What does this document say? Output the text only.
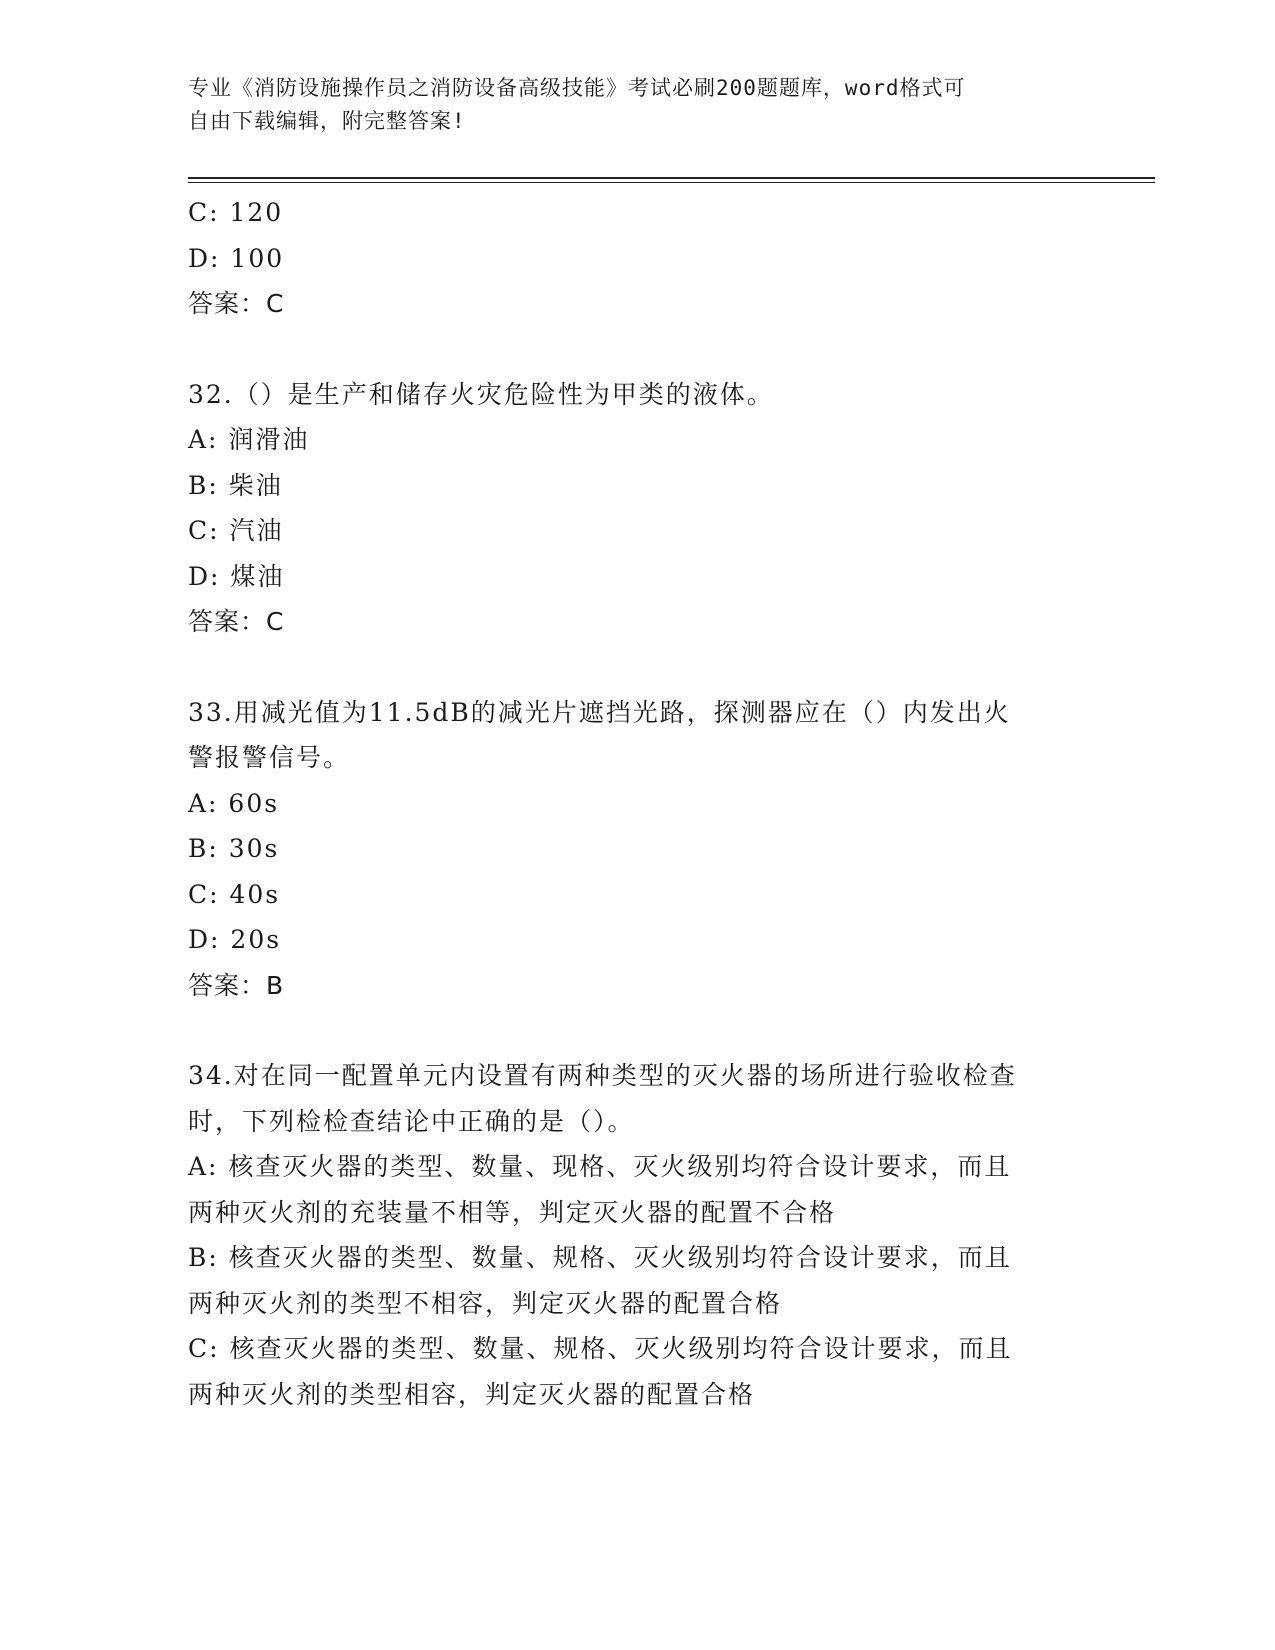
专业《消防设施操作员之消防设备高级技能》考试必刷200题题库，word格式可
自由下载编辑，附完整答案!
C: 120
D: 100
答案：C
32.（）是生产和储存火灾危险性为甲类的液体。
A: 润滑油
B: 柴油
C: 汽油
D: 煤油
答案：C
33.用减光值为11.5dB的减光片遮挡光路，探测器应在（）内发出火
警报警信号。
A: 60s
B: 30s
C: 40s
D: 20s
答案：B
34.对在同一配置单元内设置有两种类型的灭火器的场所进行验收检查
时，下列检检查结论中正确的是（）。
A: 核查灭火器的类型、数量、现格、灭火级别均符合设计要求，而且
两种灭火剂的充装量不相等，判定灭火器的配置不合格
B: 核查灭火器的类型、数量、规格、灭火级别均符合设计要求，而且
两种灭火剂的类型不相容，判定灭火器的配置合格
C: 核查灭火器的类型、数量、规格、灭火级别均符合设计要求，而且
两种灭火剂的类型相容，判定灭火器的配置合格
